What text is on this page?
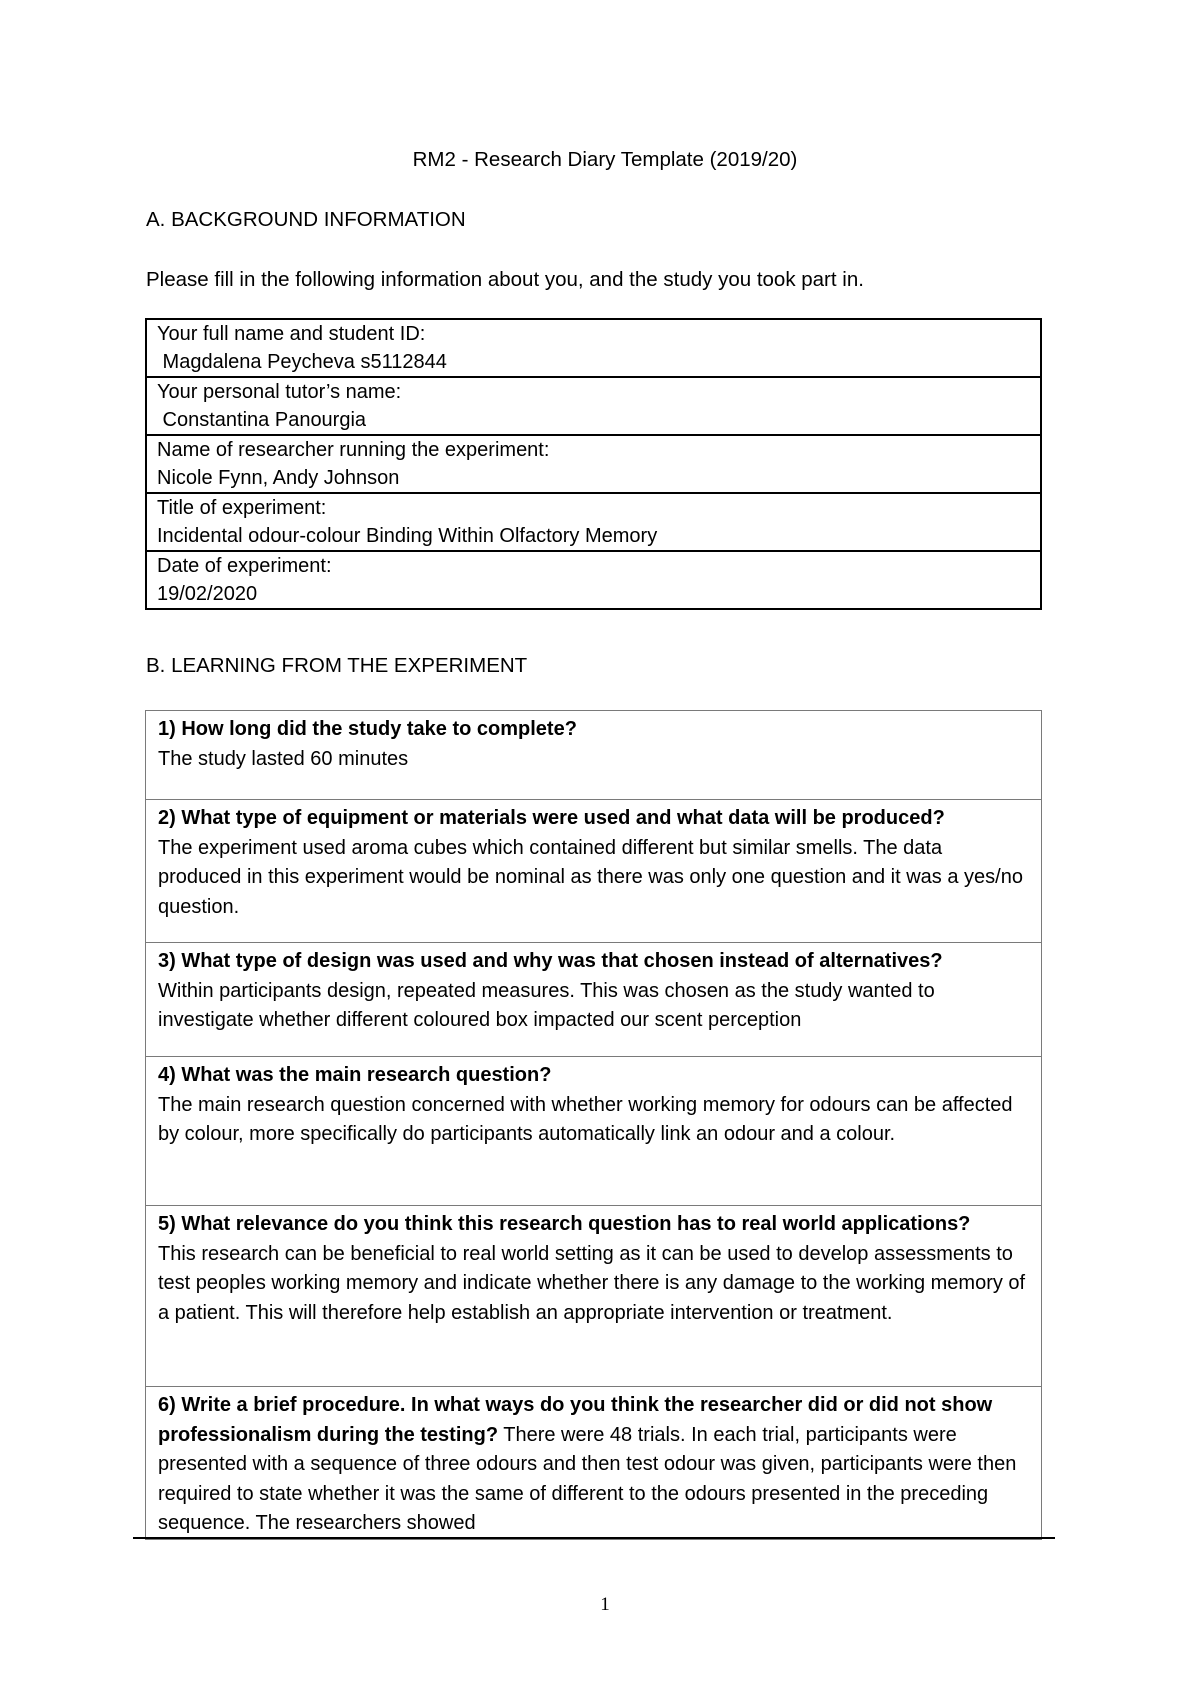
RM2 - Research Diary Template (2019/20)
A. BACKGROUND INFORMATION
Please fill in the following information about you, and the study you took part in.
Your full name and student ID:
Magdalena Peycheva s5112844

Your personal tutor’s name:
Constantina Panourgia

Name of researcher running the experiment:
Nicole Fynn, Andy Johnson

Title of experiment:
Incidental odour-colour Binding Within Olfactory Memory

Date of experiment:
19/02/2020
B. LEARNING FROM THE EXPERIMENT
1) How long did the study take to complete?
The study lasted 60 minutes
2) What type of equipment or materials were used and what data will be produced?
The experiment used aroma cubes which contained different but similar smells. The data produced in this experiment would be nominal as there was only one question and it was a yes/no question.
3) What type of design was used and why was that chosen instead of alternatives?
Within participants design, repeated measures. This was chosen as the study wanted to investigate whether different coloured box impacted our scent perception
4) What was the main research question?
The main research question concerned with whether working memory for odours can be affected by colour, more specifically do participants automatically link an odour and a colour.
5) What relevance do you think this research question has to real world applications?
This research can be beneficial to real world setting as it can be used to develop assessments to test peoples working memory and indicate whether there is any damage to the working memory of a patient. This will therefore help establish an appropriate intervention or treatment.
6) Write a brief procedure. In what ways do you think the researcher did or did not show professionalism during the testing? There were 48 trials. In each trial, participants were presented with a sequence of three odours and then test odour was given, participants were then required to state whether it was the same of different to the odours presented in the preceding sequence. The researchers showed
1
